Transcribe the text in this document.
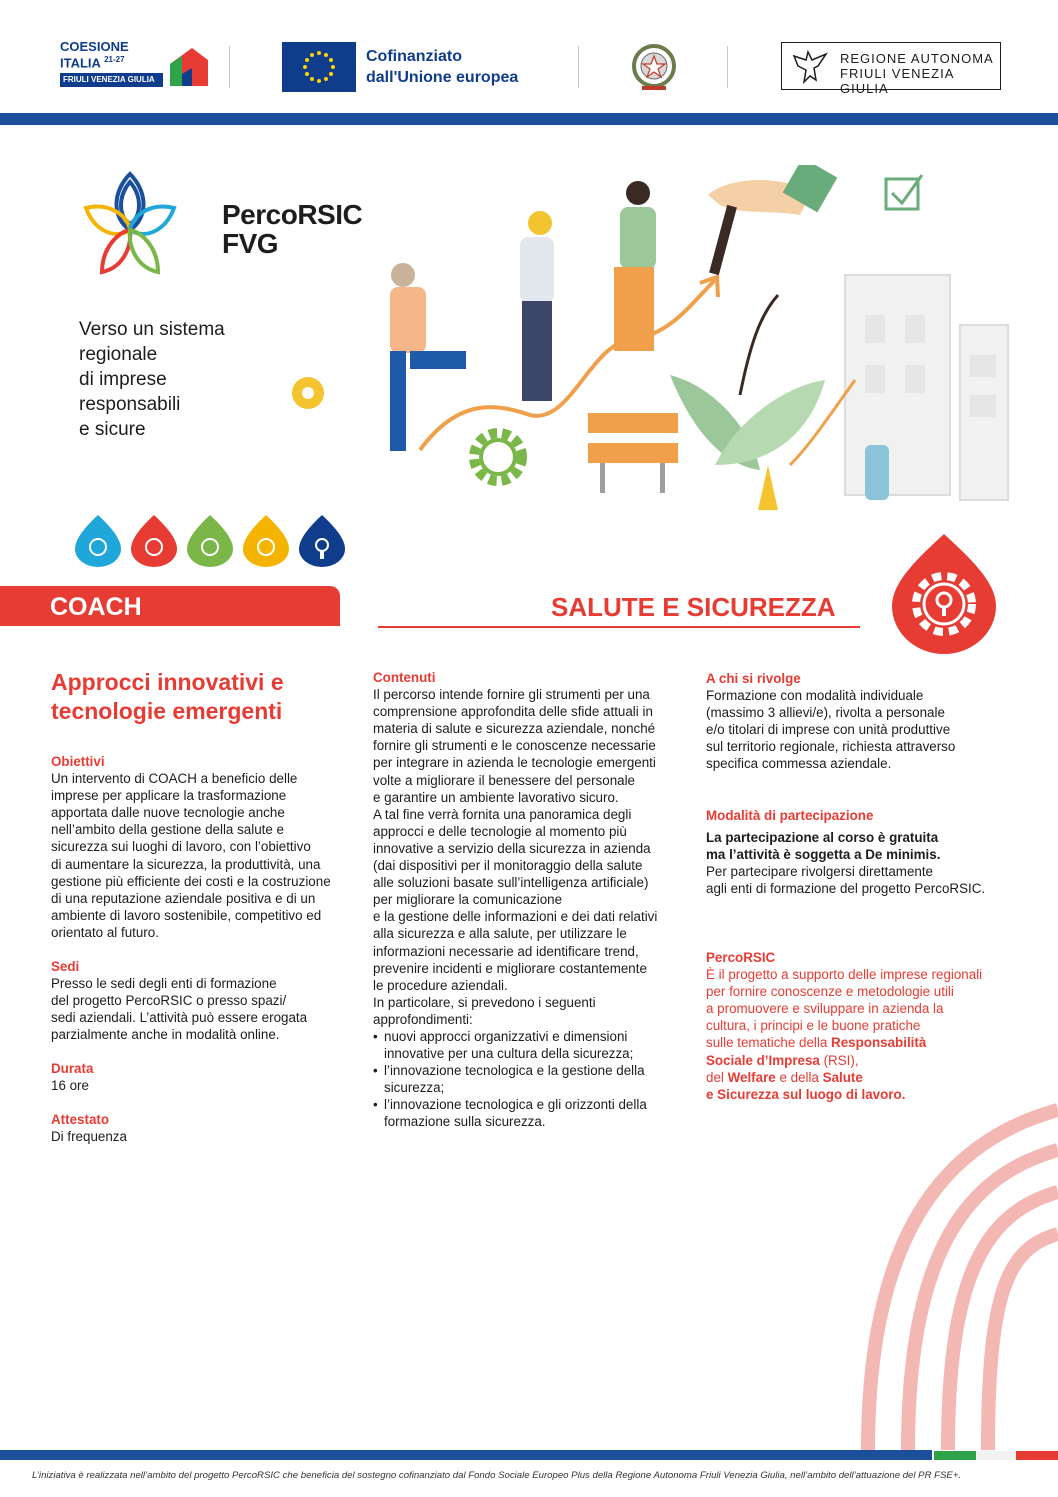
COESIONE
ITALIA $^{21-27}$
FRIULI VENEZIA GIULIA
Cofinanziato
dall'Unione europea
REGIONE AUTONOMA
FRIULI VENEZIA GIULIA
PercoRSIC
FVG
Verso un sistema
regionale
di imprese
responsabili
e sicure
COACH	SALUTE E SICUREZZA
Approcci innovativi e tecnologie emergenti
Obiettivi
Un intervento di COACH a beneficio delle
imprese per applicare la trasformazione
apportata dalle nuove tecnologie anche
nell’ambito della gestione della salute e
sicurezza sui luoghi di lavoro, con l’obiettivo
di aumentare la sicurezza, la produttività, una
gestione più efficiente dei costi e la costruzione
di una reputazione aziendale positiva e di un
ambiente di lavoro sostenibile, competitivo ed
orientato al futuro.
Sedi
Presso le sedi degli enti di formazione
del progetto PercoRSIC o presso spazi/
sedi aziendali. L’attività può essere erogata
parzialmente anche in modalità online.
Durata
16 ore
Attestato
Di frequenza
Contenuti
Il percorso intende fornire gli strumenti per una
comprensione approfondita delle sfide attuali in
materia di salute e sicurezza aziendale, nonché
fornire gli strumenti e le conoscenze necessarie
per integrare in azienda le tecnologie emergenti
volte a migliorare il benessere del personale
e garantire un ambiente lavorativo sicuro.
A tal fine verrà fornita una panoramica degli
approcci e delle tecnologie al momento più
innovative a servizio della sicurezza in azienda
(dai dispositivi per il monitoraggio della salute
alle soluzioni basate sull’intelligenza artificiale)
per migliorare la comunicazione
e la gestione delle informazioni e dei dati relativi
alla sicurezza e alla salute, per utilizzare le
informazioni necessarie ad identificare trend,
prevenire incidenti e migliorare costantemente
le procedure aziendali.
In particolare, si prevedono i seguenti
approfondimenti:
• nuovi approcci organizzativi e dimensioni
innovative per una cultura della sicurezza;
• l’innovazione tecnologica e la gestione della
sicurezza;
• l’innovazione tecnologica e gli orizzonti della
formazione sulla sicurezza.
A chi si rivolge
Formazione con modalità individuale
(massimo 3 allievi/e), rivolta a personale
e/o titolari di imprese con unità produttive
sul territorio regionale, richiesta attraverso
specifica commessa aziendale.
Modalità di partecipazione
La partecipazione al corso è gratuita
ma l’attività è soggetta a De minimis.
Per partecipare rivolgersi direttamente
agli enti di formazione del progetto PercoRSIC.
PercoRSIC
È il progetto a supporto delle imprese regionali
per fornire conoscenze e metodologie utili
a promuovere e sviluppare in azienda la
cultura, i principi e le buone pratiche
sulle tematiche della Responsabilità
Sociale d’Impresa (RSI),
del Welfare e della Salute
e Sicurezza sul luogo di lavoro.
L’iniziativa è realizzata nell’ambito del progetto PercoRSIC che beneficia del sostegno cofinanziato dal Fondo Sociale Europeo Plus della Regione Autonoma Friuli Venezia Giulia, nell’ambito dell’attuazione del PR FSE+.
